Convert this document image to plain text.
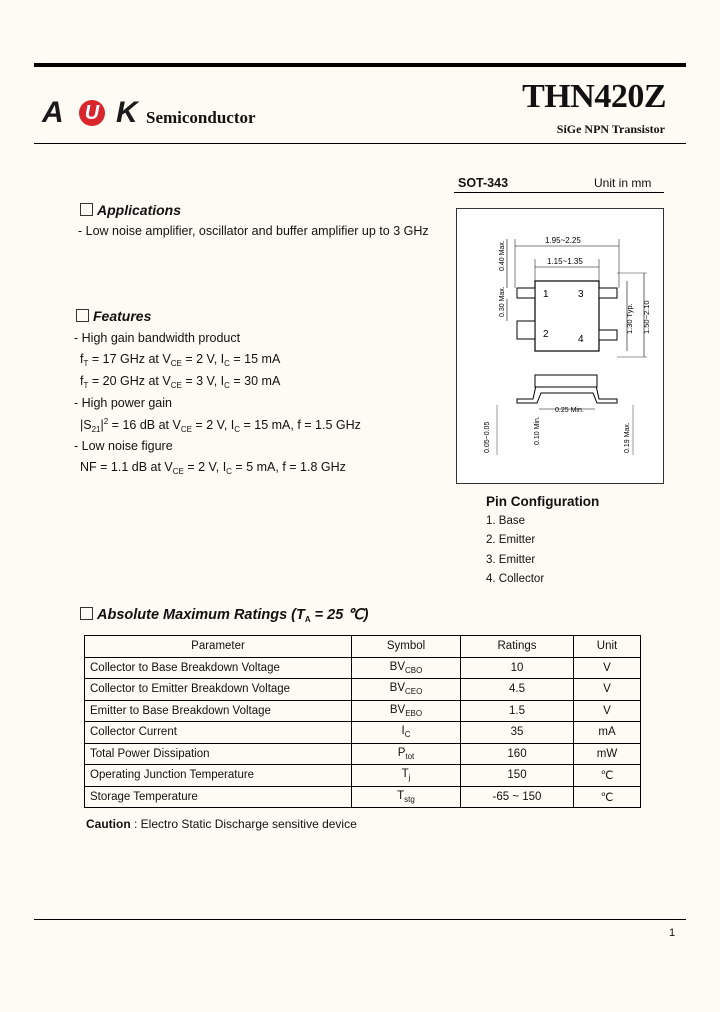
A U K Semiconductor
THN420Z
SiGe NPN Transistor
Applications
- Low noise amplifier, oscillator and buffer amplifier up to 3 GHz
Features
- High gain bandwidth product
$f_T = 17$ GHz at $V_{CE} = 2$ V, $I_C = 15$ mA
$f_T = 20$ GHz at $V_{CE} = 3$ V, $I_C = 30$ mA
- High power gain
$|S_{21}|^2 = 16$ dB at $V_{CE} = 2$ V, $I_C = 15$ mA, f = 1.5 GHz
- Low noise figure
NF = 1.1 dB at $V_{CE} = 2$ V, $I_C = 5$ mA, f = 1.8 GHz
SOT-343	Unit in mm
1
2
3
4
1.95~2.25
1.15~1.35
0.40 Max.
0.30 Max.
1.30 Typ. 1.50~2.10
0.25 Min.
0.05~0.05	0.10 Min.	0.19 Max.
Pin Configuration
1. Base
2. Emitter
3. Emitter
4. Collector
Absolute Maximum Ratings ($T_A = 25$ ℃)
Parameter	Symbol	Ratings	Unit
Collector to Base Breakdown Voltage	$BV_{CBO}$	10	V
Collector to Emitter Breakdown Voltage	$BV_{CEO}$	4.5	V
Emitter to Base Breakdown Voltage	$BV_{EBO}$	1.5	V
Collector Current	$I_C$	35	mA
Total Power Dissipation	$P_{tot}$	160	mW
Operating Junction Temperature	$T_j$	150	℃
Storage Temperature	$T_{stg}$	-65 ~ 150	℃
Caution : Electro Static Discharge sensitive device
1
